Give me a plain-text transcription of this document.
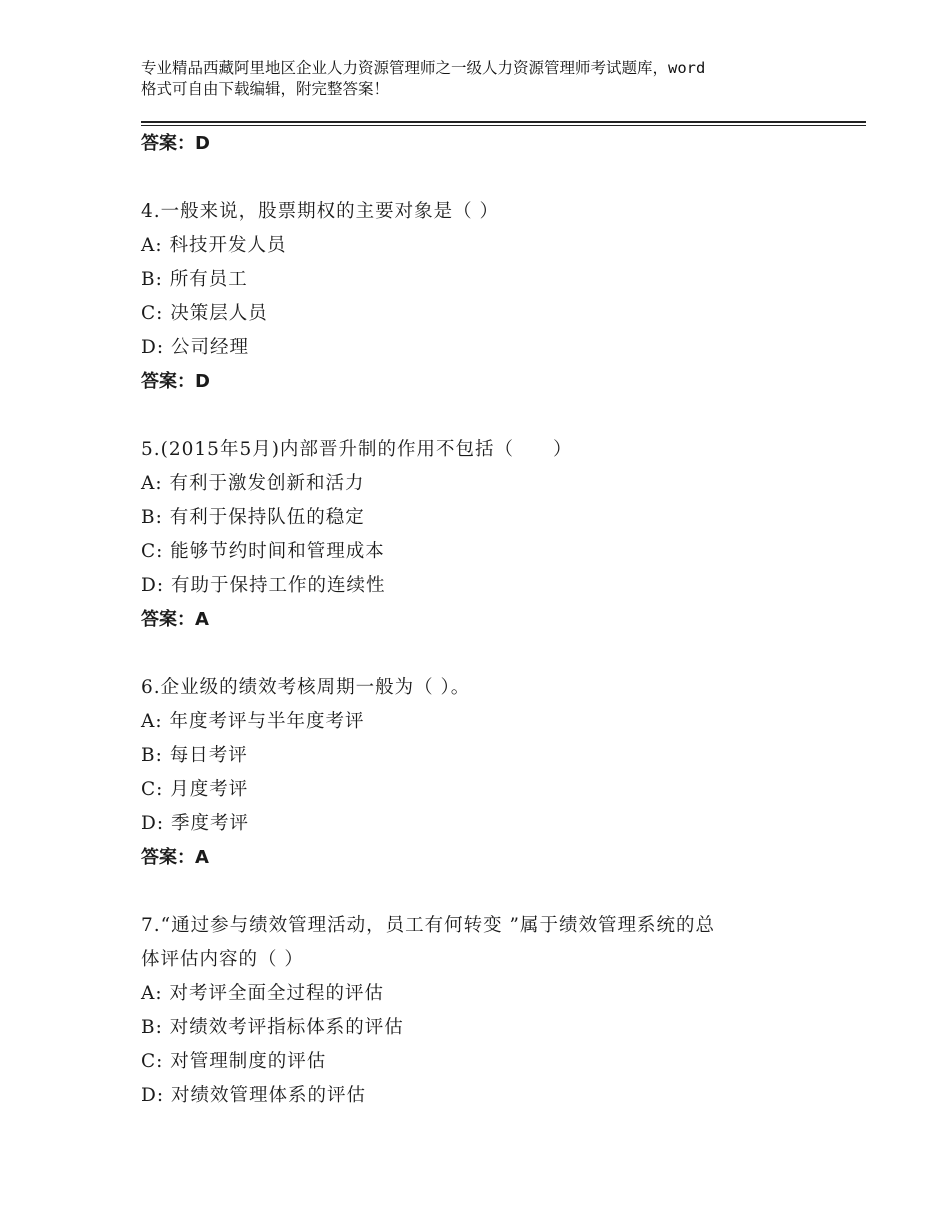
专业精品西藏阿里地区企业人力资源管理师之一级人力资源管理师考试题库，word
格式可自由下载编辑，附完整答案！
答案：D
4.一般来说，股票期权的主要对象是（ ）
A: 科技开发人员
B: 所有员工
C: 决策层人员
D: 公司经理
答案：D
5.(2015年5月)内部晋升制的作用不包括（　　）
A: 有利于激发创新和活力
B: 有利于保持队伍的稳定
C: 能够节约时间和管理成本
D: 有助于保持工作的连续性
答案：A
6.企业级的绩效考核周期一般为（ ）。
A: 年度考评与半年度考评
B: 每日考评
C: 月度考评
D: 季度考评
答案：A
7.“通过参与绩效管理活动，员工有何转变 ”属于绩效管理系统的总
体评估内容的（ ）
A: 对考评全面全过程的评估
B: 对绩效考评指标体系的评估
C: 对管理制度的评估
D: 对绩效管理体系的评估
